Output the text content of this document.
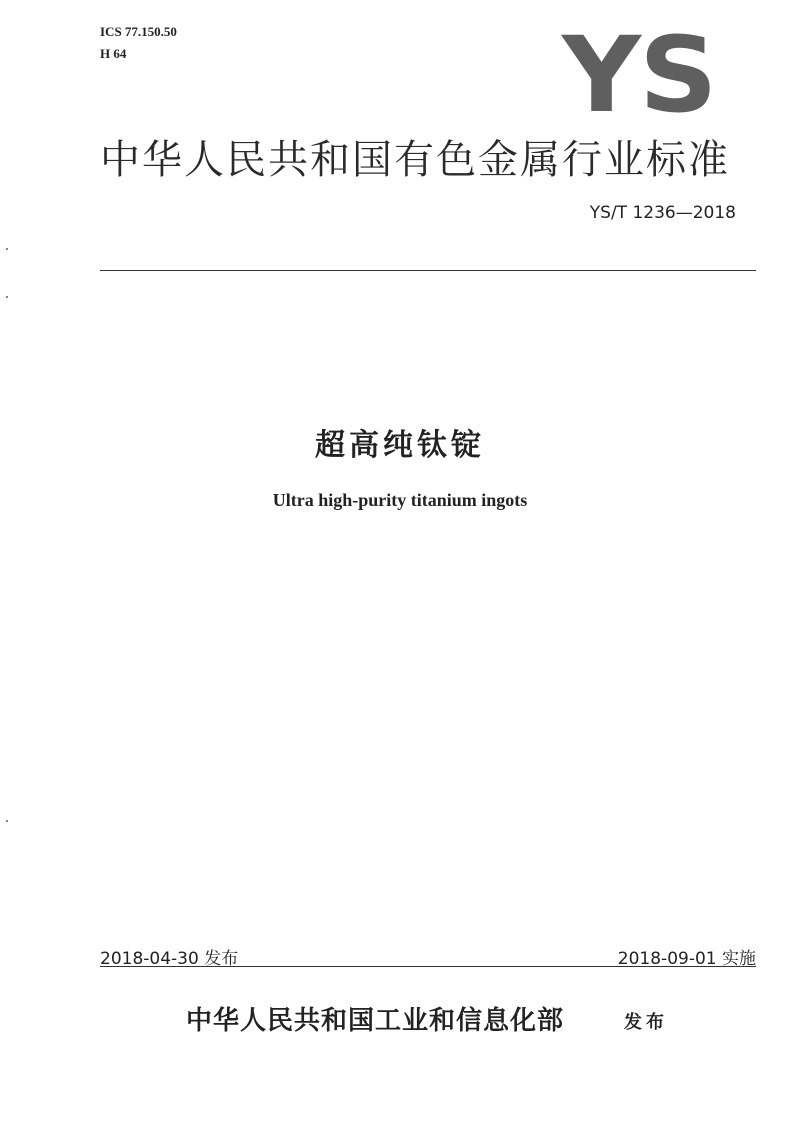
ICS 77.150.50
H 64	YS
中华人民共和国有色金属行业标准
YS/T 1236—2018
超高纯钛锭
Ultra high-purity titanium ingots
2018-04-30 发布	2018-09-01 实施
中华人民共和国工业和信息化部	发布
